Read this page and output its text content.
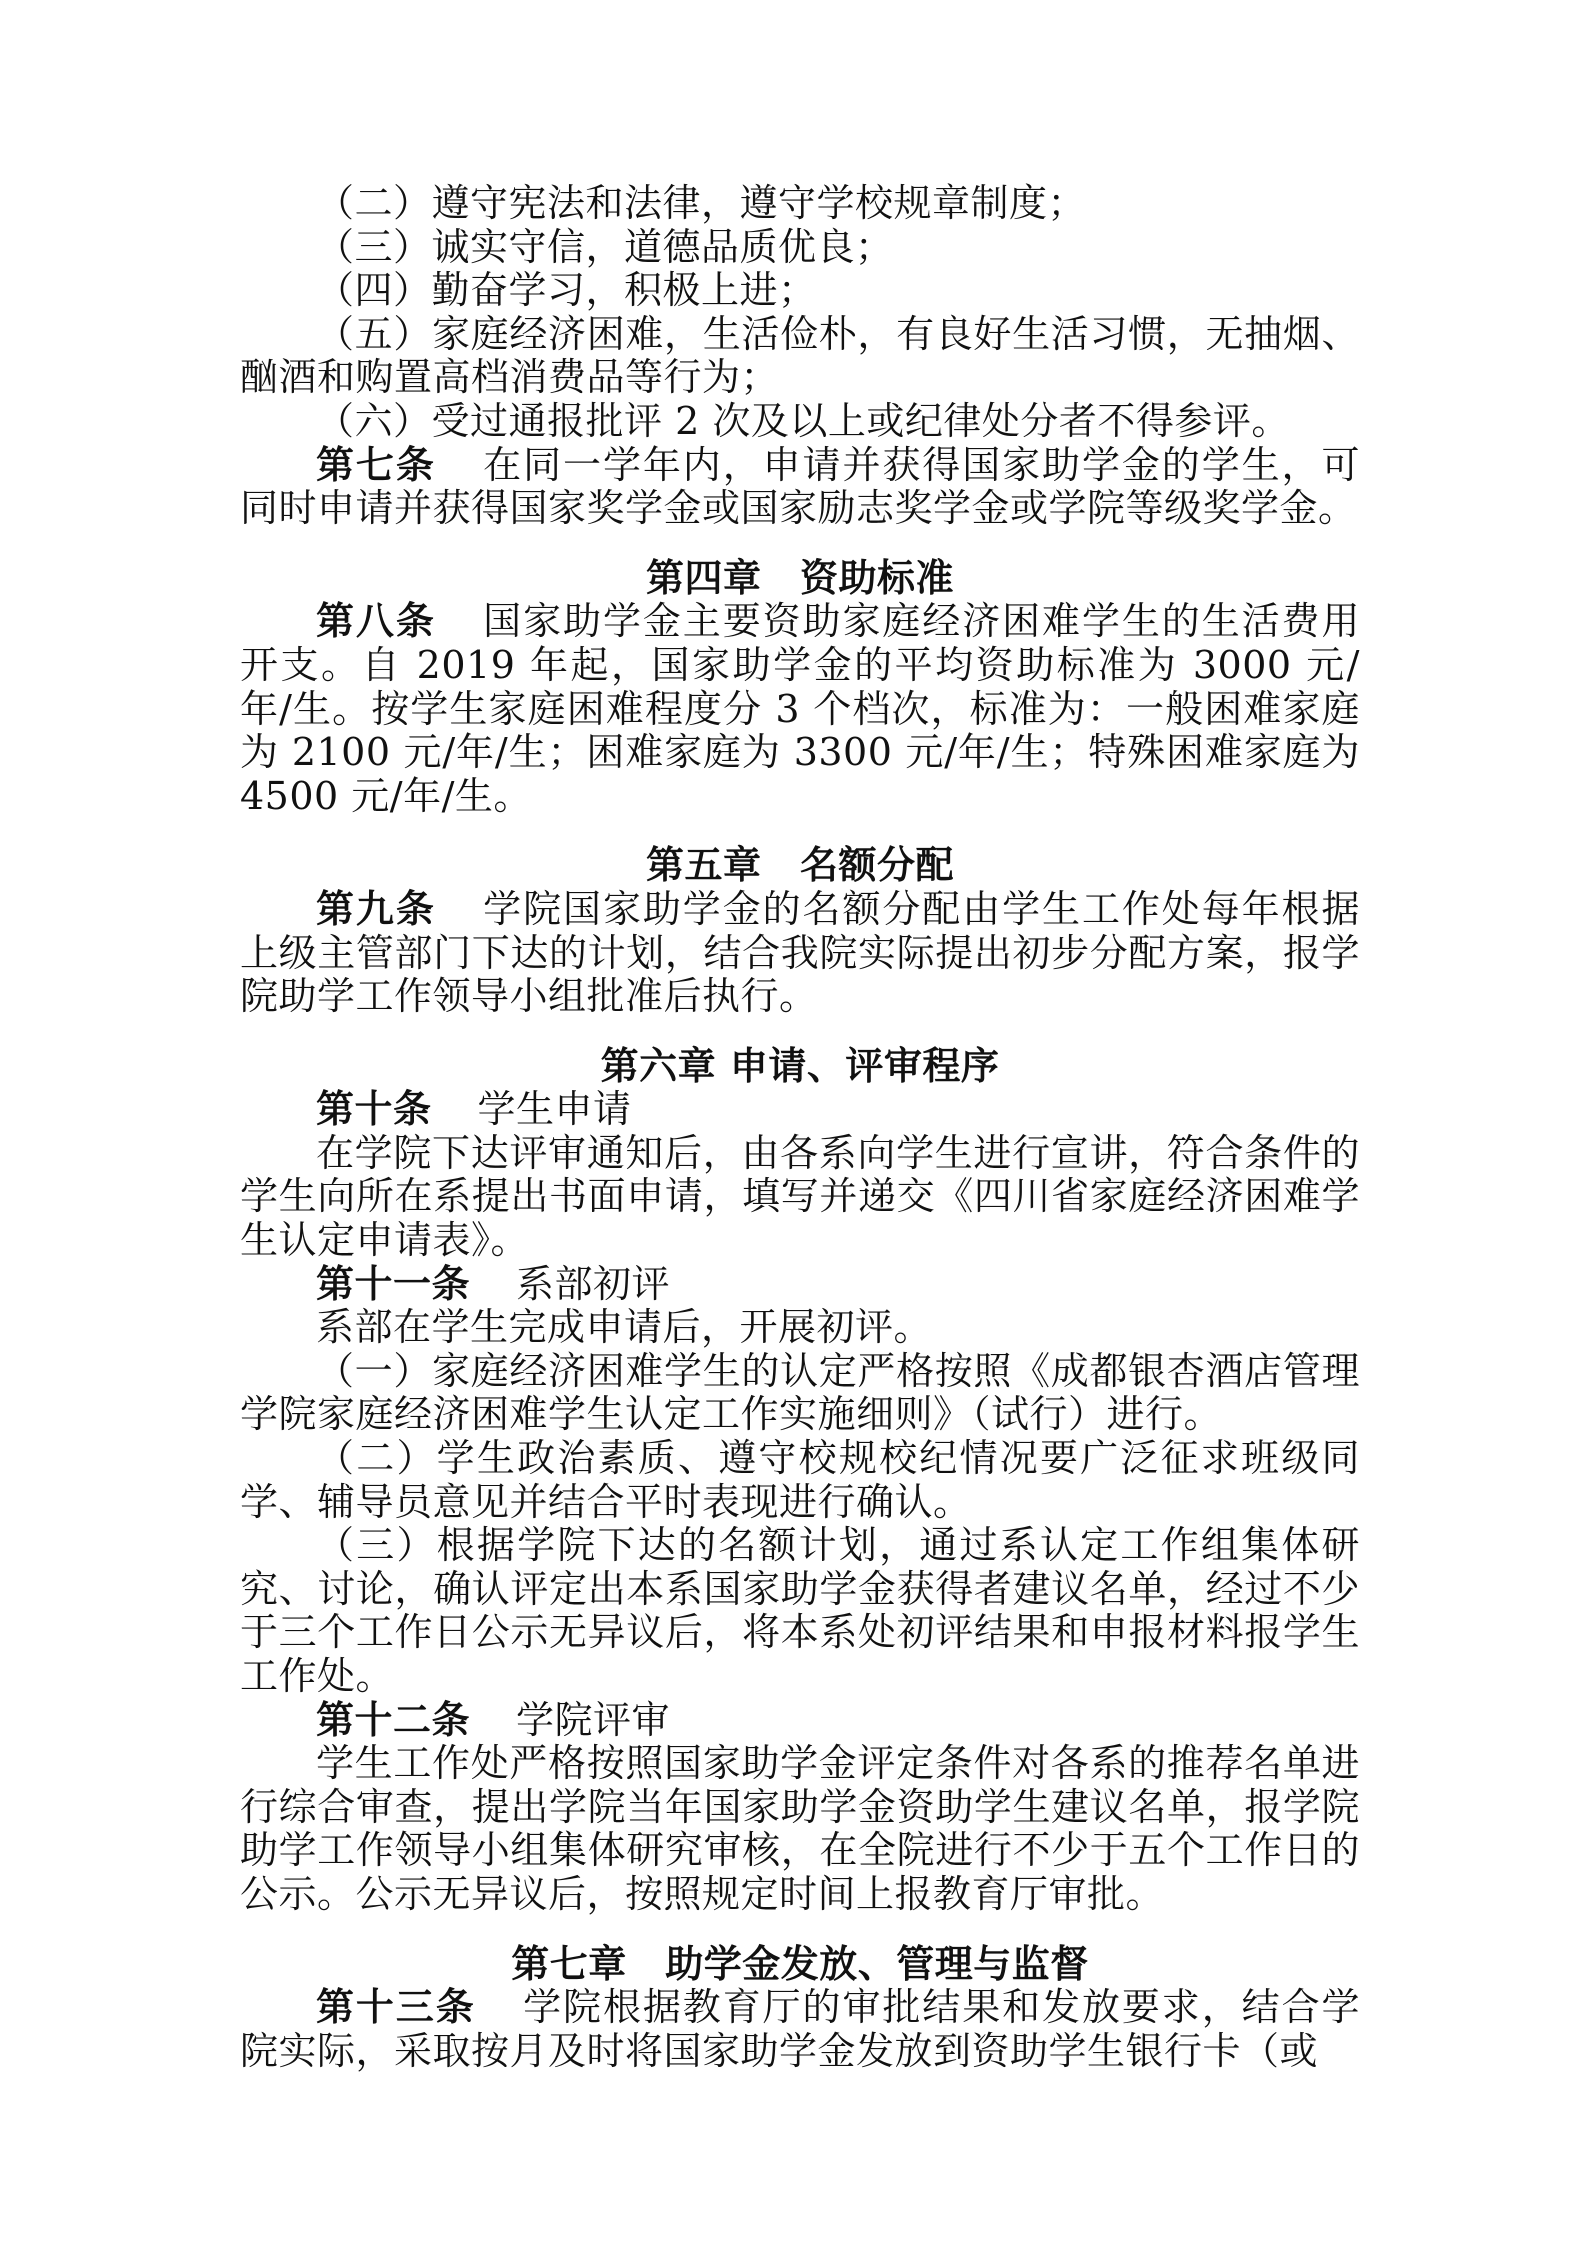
（二）遵守宪法和法律，遵守学校规章制度；

（三）诚实守信，道德品质优良；

（四）勤奋学习，积极上进；

（五）家庭经济困难，生活俭朴，有良好生活习惯，无抽烟、酗酒和购置高档消费品等行为；

（六）受过通报批评 2 次及以上或纪律处分者不得参评。

第七条 在同一学年内，申请并获得国家助学金的学生，可同时申请并获得国家奖学金或国家励志奖学金或学院等级奖学金。

第四章　资助标准

第八条 国家助学金主要资助家庭经济困难学生的生活费用开支。自 2019 年起，国家助学金的平均资助标准为 3000 元/年/生。按学生家庭困难程度分 3 个档次，标准为：一般困难家庭为 2100 元/年/生；困难家庭为 3300 元/年/生；特殊困难家庭为 4500 元/年/生。

第五章　名额分配

第九条 学院国家助学金的名额分配由学生工作处每年根据上级主管部门下达的计划，结合我院实际提出初步分配方案，报学院助学工作领导小组批准后执行。

第六章 申请、评审程序

第十条 学生申请

在学院下达评审通知后，由各系向学生进行宣讲，符合条件的学生向所在系提出书面申请，填写并递交《四川省家庭经济困难学生认定申请表》。

第十一条 系部初评

系部在学生完成申请后，开展初评。

（一）家庭经济困难学生的认定严格按照《成都银杏酒店管理学院家庭经济困难学生认定工作实施细则》（试行）进行。

（二）学生政治素质、遵守校规校纪情况要广泛征求班级同学、辅导员意见并结合平时表现进行确认。

（三）根据学院下达的名额计划，通过系认定工作组集体研究、讨论，确认评定出本系国家助学金获得者建议名单，经过不少于三个工作日公示无异议后，将本系处初评结果和申报材料报学生工作处。

第十二条 学院评审

学生工作处严格按照国家助学金评定条件对各系的推荐名单进行综合审查，提出学院当年国家助学金资助学生建议名单，报学院助学工作领导小组集体研究审核，在全院进行不少于五个工作日的公示。公示无异议后，按照规定时间上报教育厅审批。

第七章　助学金发放、管理与监督

第十三条 学院根据教育厅的审批结果和发放要求，结合学院实际，采取按月及时将国家助学金发放到资助学生银行卡（或
